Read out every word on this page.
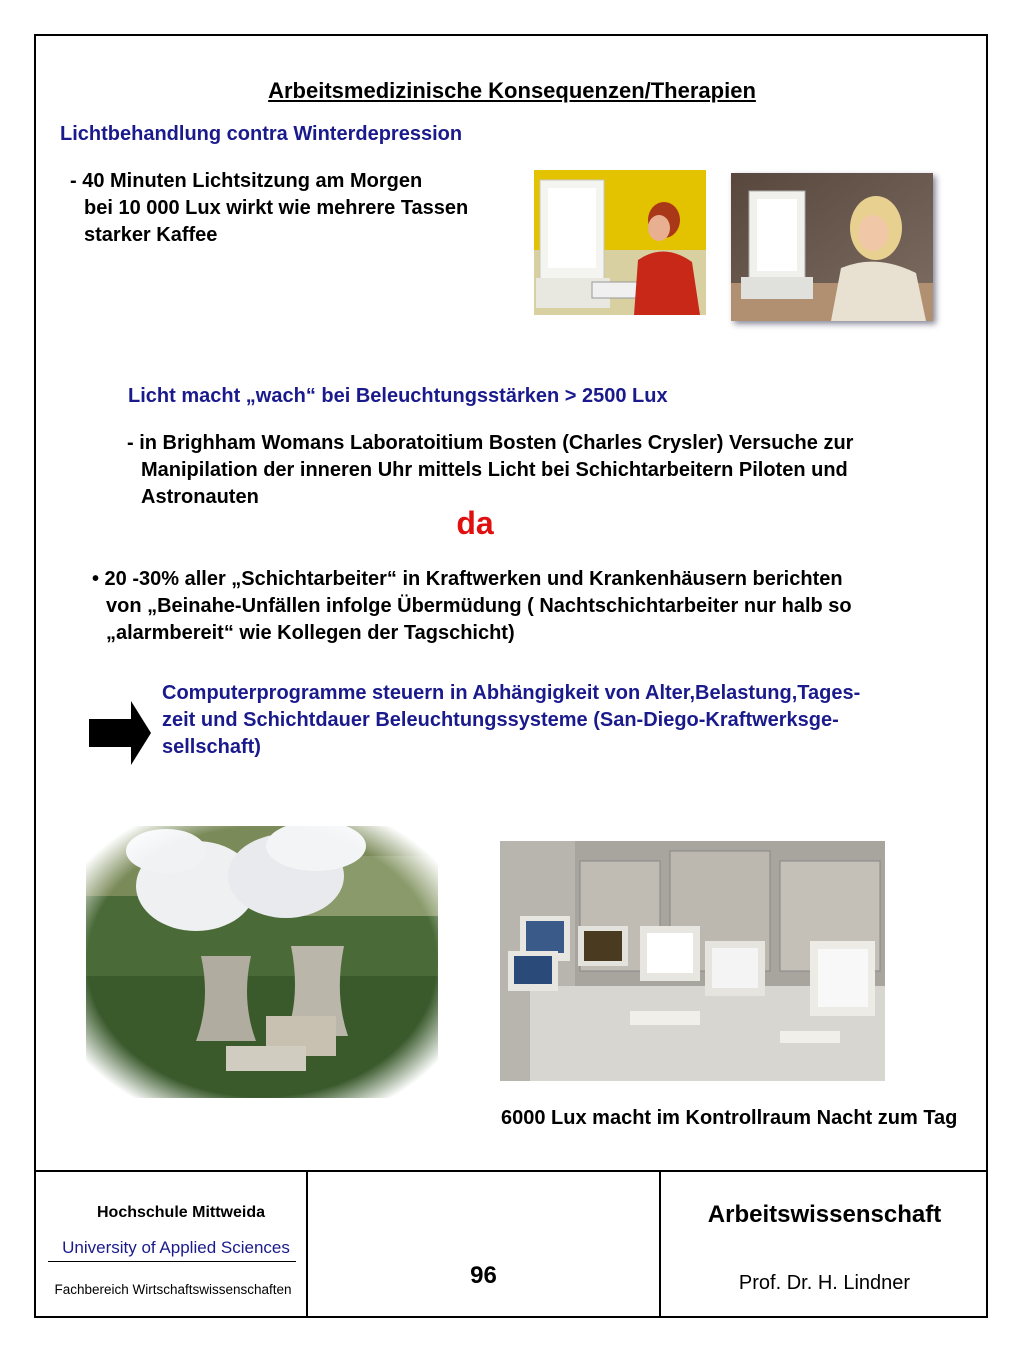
Arbeitsmedizinische Konsequenzen/Therapien
Lichtbehandlung contra Winterdepression
- 40 Minuten Lichtsitzung am Morgen
bei 10 000 Lux wirkt wie mehrere Tassen
starker Kaffee
Licht macht „wach“ bei Beleuchtungsstärken > 2500 Lux
- in Brighham Womans Laboratoitium Bosten (Charles Crysler) Versuche zur
Manipilation der inneren Uhr mittels Licht bei Schichtarbeitern Piloten und
Astronauten
da
• 20 -30% aller „Schichtarbeiter“ in Kraftwerken und Krankenhäusern berichten
von „Beinahe-Unfällen infolge Übermüdung ( Nachtschichtarbeiter nur halb so
„alarmbereit“ wie Kollegen der Tagschicht)
Computerprogramme steuern in Abhängigkeit von Alter,Belastung,Tages-
zeit und Schichtdauer Beleuchtungssysteme (San-Diego-Kraftwerksge-
sellschaft)
6000 Lux macht im Kontrollraum Nacht zum Tag
Hochschule Mittweida
University of Applied Sciences
Fachbereich Wirtschaftswissenschaften
96
Arbeitswissenschaft
Prof. Dr. H. Lindner
